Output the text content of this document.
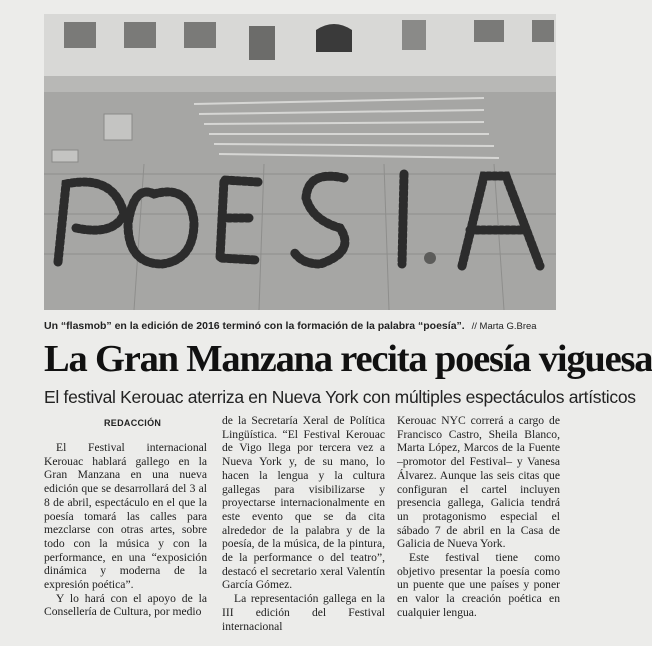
Un “flasmob” en la edición de 2016 terminó con la formación de la palabra “poesía”. // Marta G.Brea
La Gran Manzana recita poesía viguesa
El festival Kerouac aterriza en Nueva York con múltiples espectáculos artísticos
REDACCIÓN

El Festival internacional Kerouac hablará gallego en la Gran Manzana en una nueva edición que se desarrollará del 3 al 8 de abril, espectáculo en el que la poesía tomará las calles para mezclarse con otras artes, sobre todo con la música y con la performance, en una “exposición dinámica y moderna de la expresión poética”.

Y lo hará con el apoyo de la Consellería de Cultura, por medio

de la Secretaría Xeral de Política Lingüística. “El Festival Kerouac de Vigo llega por tercera vez a Nueva York y, de su mano, lo hacen la lengua y la cultura gallegas para visibilizarse y proyectarse internacionalmente en este evento que se da cita alrededor de la palabra y de la poesía, de la música, de la pintura, de la performance o del teatro”, destacó el secretario xeral Valentín García Gómez.

La representación gallega en la III edición del Festival internacional

Kerouac NYC correrá a cargo de Francisco Castro, Sheila Blanco, Marta López, Marcos de la Fuente –promotor del Festival– y Vanesa Álvarez. Aunque las seis citas que configuran el cartel incluyen presencia gallega, Galicia tendrá un protagonismo especial el sábado 7 de abril en la Casa de Galicia de Nueva York.

Este festival tiene como objetivo presentar la poesía como un puente que une países y poner en valor la creación poética en cualquier lengua.
